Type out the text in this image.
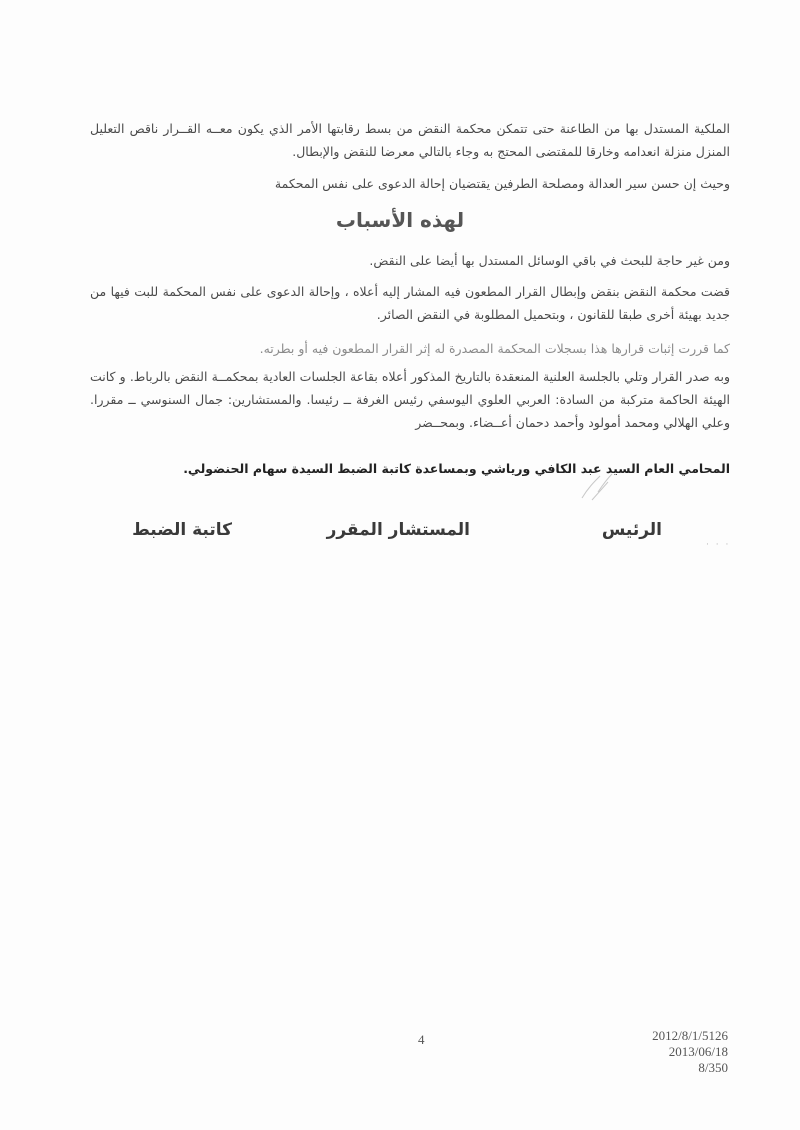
الملكية المستدل بها من الطاعنة حتى تتمكن محكمة النقض من بسط رقابتها الأمر الذي يكون معــه القــرار ناقص التعليل المنزل منزلة انعدامه وخارقا للمقتضى المحتج به وجاء بالتالي معرضا للنقض والإبطال.

وحيث إن حسن سير العدالة ومصلحة الطرفين يقتضيان إحالة الدعوى على نفس المحكمة

لهذه الأسباب

ومن غير حاجة للبحث في باقي الوسائل المستدل بها أيضا على النقض.

قضت محكمة النقض بنقض وإبطال القرار المطعون فيه المشار إليه أعلاه ، وإحالة الدعوى على نفس المحكمة للبت فيها من جديد بهيئة أخرى طبقا للقانون ، وبتحميل المطلوبة في النقض الصائر.

كما قررت إثبات قرارها هذا بسجلات المحكمة المصدرة له إثر القرار المطعون فيه أو بطرته.

وبه صدر القرار وتلي بالجلسة العلنية المنعقدة بالتاريخ المذكور أعلاه بقاعة الجلسات العادية بمحكمــة النقض بالرباط. و كانت الهيئة الحاكمة متركبة من السادة: العربي العلوي اليوسفي رئيس الغرفة ــ رئيسا. والمستشارين: جمال السنوسي ــ مقررا. وعلي الهلالي ومحمد أمولود وأحمد دحمان أعــضاء. وبمحــضر

المحامي العام السيد عبد الكافي ورياشي وبمساعدة كاتبة الضبط السيدة سهام الحنضولي.

الرئيس

المستشار المقرر

كاتبة الضبط

· · ·

4	2012/8/1/5126
2013/06/18
8/350
